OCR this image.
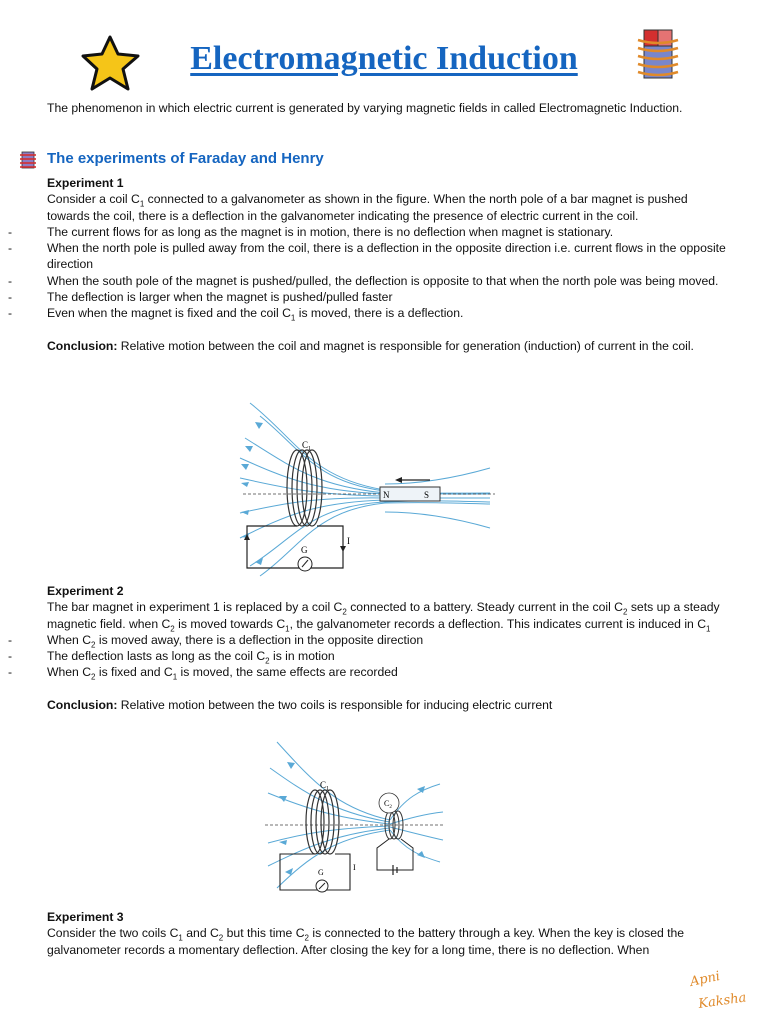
Electromagnetic Induction
The phenomenon in which electric current is generated by varying magnetic fields in called Electromagnetic Induction.
The experiments of Faraday and Henry

Experiment 1

Consider a coil $C_1$ connected to a galvanometer as shown in the figure. When the north pole of a bar magnet is pushed towards the coil, there is a deflection in the galvanometer indicating the presence of electric current in the coil.

- The current flows for as long as the magnet is in motion, there is no deflection when magnet is stationary.

- When the north pole is pulled away from the coil, there is a deflection in the opposite direction i.e. current flows in the opposite direction

- When the south pole of the magnet is pushed/pulled, the deflection is opposite to that when the north pole was being moved.

- The deflection is larger when the magnet is pushed/pulled faster

- Even when the magnet is fixed and the coil $C_1$ is moved, there is a deflection.

Conclusion: Relative motion between the coil and magnet is responsible for generation (induction) of current in the coil.

$C_1$
G
I
N	S

Experiment 2

The bar magnet in experiment 1 is replaced by a coil $C_2$ connected to a battery. Steady current in the coil $C_2$ sets up a steady magnetic field. when $C_2$ is moved towards $C_1$, the galvanometer records a deflection. This indicates current is induced in $C_1$

- When $C_2$ is moved away, there is a deflection in the opposite direction

- The deflection lasts as long as the coil $C_2$ is in motion

- When $C_2$ is fixed and $C_1$ is moved, the same effects are recorded

Conclusion: Relative motion between the two coils is responsible for inducing electric current

$C_1$
$C_2$
G
I

Experiment 3

Consider the two coils $C_1$ and $C_2$ but this time $C_2$ is connected to the battery through a key. When the key is closed the galvanometer records a momentary deflection. After closing the key for a long time, there is no deflection. When

Apni
Kaksha
